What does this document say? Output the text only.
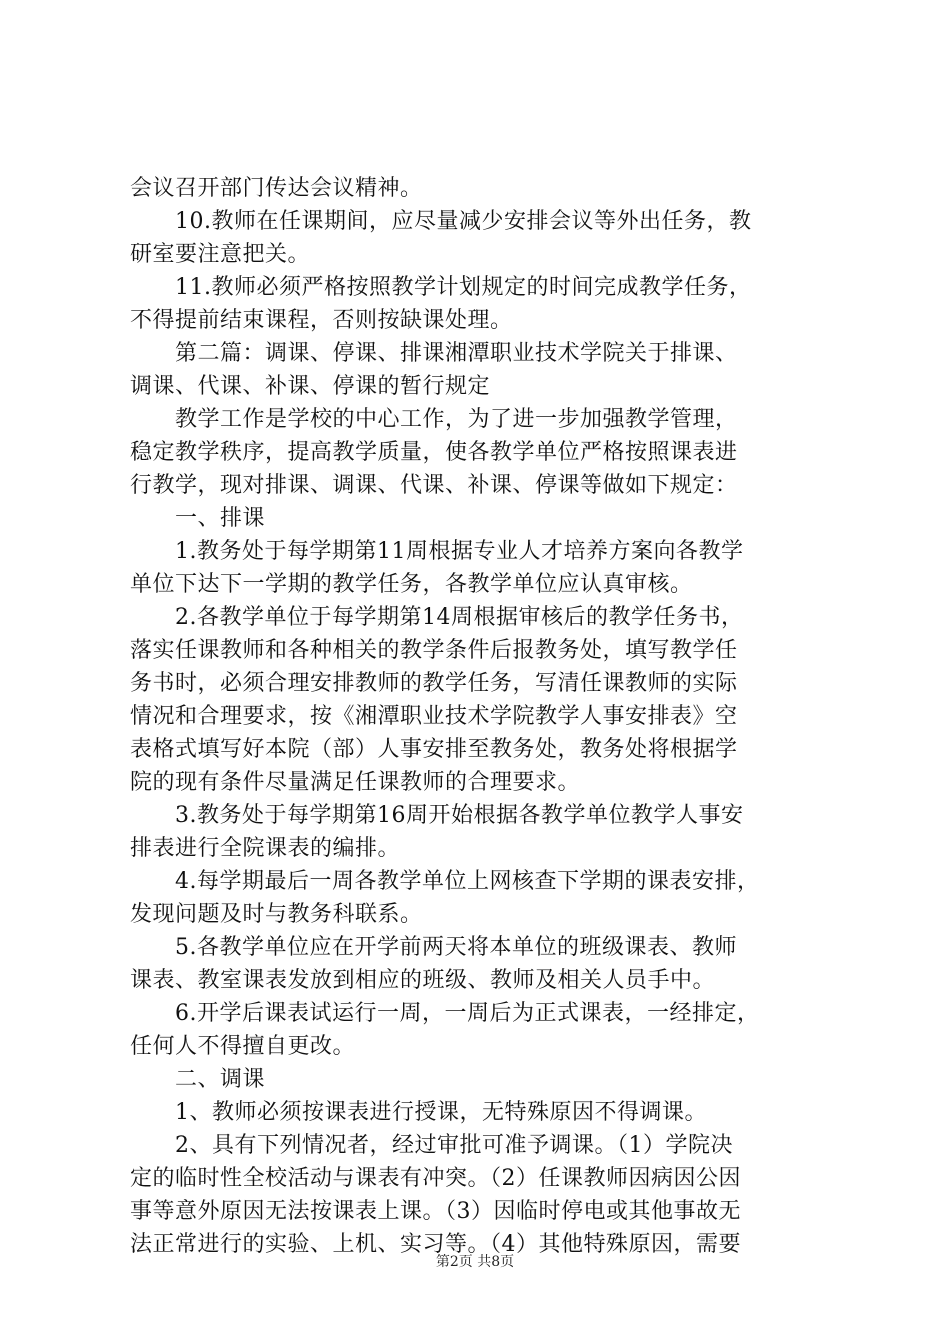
会议召开部门传达会议精神。
　　10.教师在任课期间，应尽量减少安排会议等外出任务，教
研室要注意把关。
　　11.教师必须严格按照教学计划规定的时间完成教学任务，
不得提前结束课程，否则按缺课处理。
　　第二篇：调课、停课、排课湘潭职业技术学院关于排课、
调课、代课、补课、停课的暂行规定
　　教学工作是学校的中心工作，为了进一步加强教学管理，
稳定教学秩序，提高教学质量，使各教学单位严格按照课表进
行教学，现对排课、调课、代课、补课、停课等做如下规定：
　　一、排课
　　1.教务处于每学期第11周根据专业人才培养方案向各教学
单位下达下一学期的教学任务，各教学单位应认真审核。
　　2.各教学单位于每学期第14周根据审核后的教学任务书，
落实任课教师和各种相关的教学条件后报教务处，填写教学任
务书时，必须合理安排教师的教学任务，写清任课教师的实际
情况和合理要求，按《湘潭职业技术学院教学人事安排表》空
表格式填写好本院（部）人事安排至教务处，教务处将根据学
院的现有条件尽量满足任课教师的合理要求。
　　3.教务处于每学期第16周开始根据各教学单位教学人事安
排表进行全院课表的编排。
　　4.每学期最后一周各教学单位上网核查下学期的课表安排，
发现问题及时与教务科联系。
　　5.各教学单位应在开学前两天将本单位的班级课表、教师
课表、教室课表发放到相应的班级、教师及相关人员手中。
　　6.开学后课表试运行一周，一周后为正式课表，一经排定，
任何人不得擅自更改。
　　二、调课
　　1、教师必须按课表进行授课，无特殊原因不得调课。
　　2、具有下列情况者，经过审批可准予调课。（1）学院决
定的临时性全校活动与课表有冲突。（2）任课教师因病因公因
事等意外原因无法按课表上课。（3）因临时停电或其他事故无
法正常进行的实验、上机、实习等。（4）其他特殊原因，需要
第2页 共8页
